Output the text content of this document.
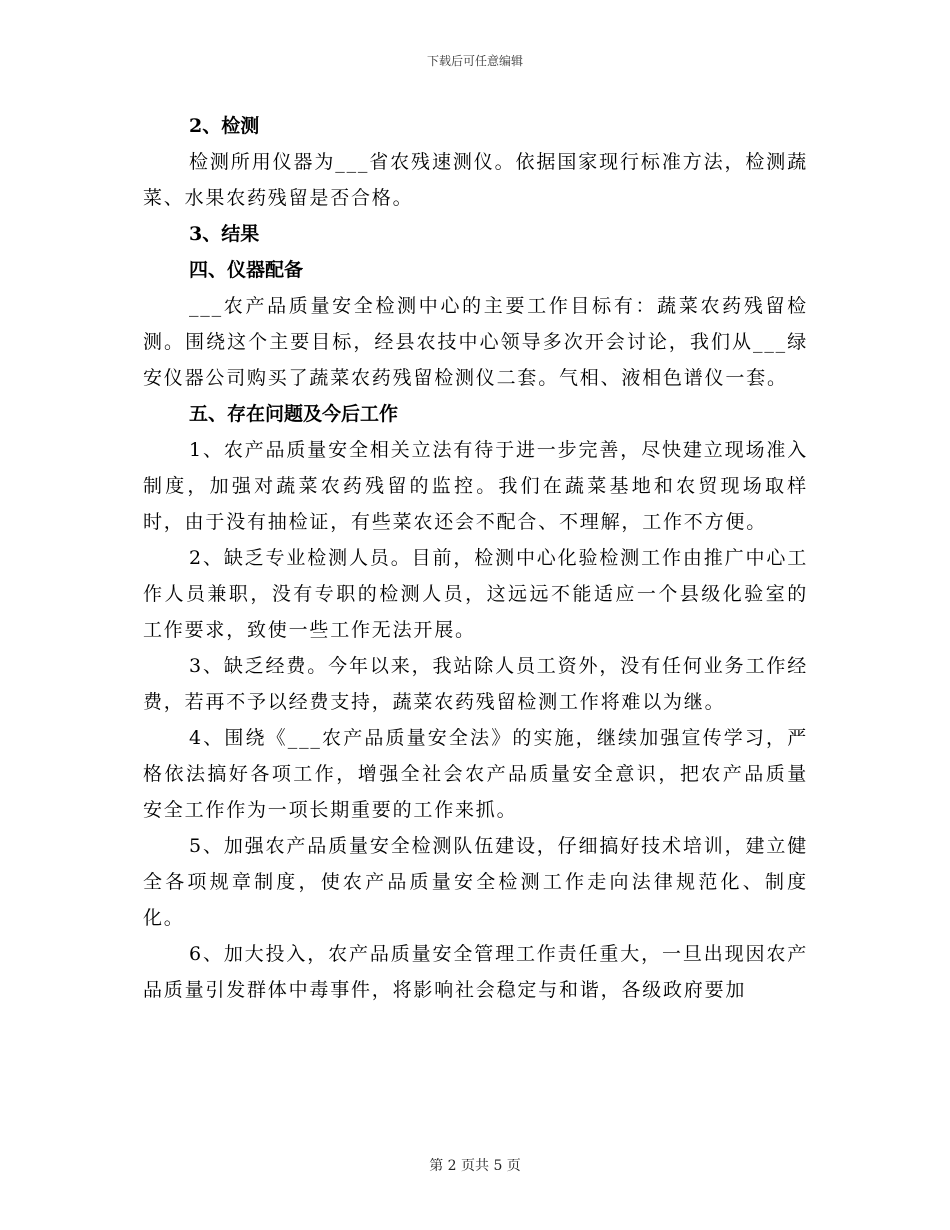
下载后可任意编辑

2、检测

检测所用仪器为___省农残速测仪。依据国家现行标准方法，检测蔬菜、水果农药残留是否合格。

3、结果

四、仪器配备

___农产品质量安全检测中心的主要工作目标有：蔬菜农药残留检测。围绕这个主要目标，经县农技中心领导多次开会讨论，我们从___绿安仪器公司购买了蔬菜农药残留检测仪二套。气相、液相色谱仪一套。

五、存在问题及今后工作

1、农产品质量安全相关立法有待于进一步完善，尽快建立现场准入制度，加强对蔬菜农药残留的监控。我们在蔬菜基地和农贸现场取样时，由于没有抽检证，有些菜农还会不配合、不理解，工作不方便。

2、缺乏专业检测人员。目前，检测中心化验检测工作由推广中心工作人员兼职，没有专职的检测人员，这远远不能适应一个县级化验室的工作要求，致使一些工作无法开展。

3、缺乏经费。今年以来，我站除人员工资外，没有任何业务工作经费，若再不予以经费支持，蔬菜农药残留检测工作将难以为继。

4、围绕《___农产品质量安全法》的实施，继续加强宣传学习，严格依法搞好各项工作，增强全社会农产品质量安全意识，把农产品质量安全工作作为一项长期重要的工作来抓。

5、加强农产品质量安全检测队伍建设，仔细搞好技术培训，建立健全各项规章制度，使农产品质量安全检测工作走向法律规范化、制度化。

6、加大投入，农产品质量安全管理工作责任重大，一旦出现因农产品质量引发群体中毒事件，将影响社会稳定与和谐，各级政府要加

第 2 页共 5 页
